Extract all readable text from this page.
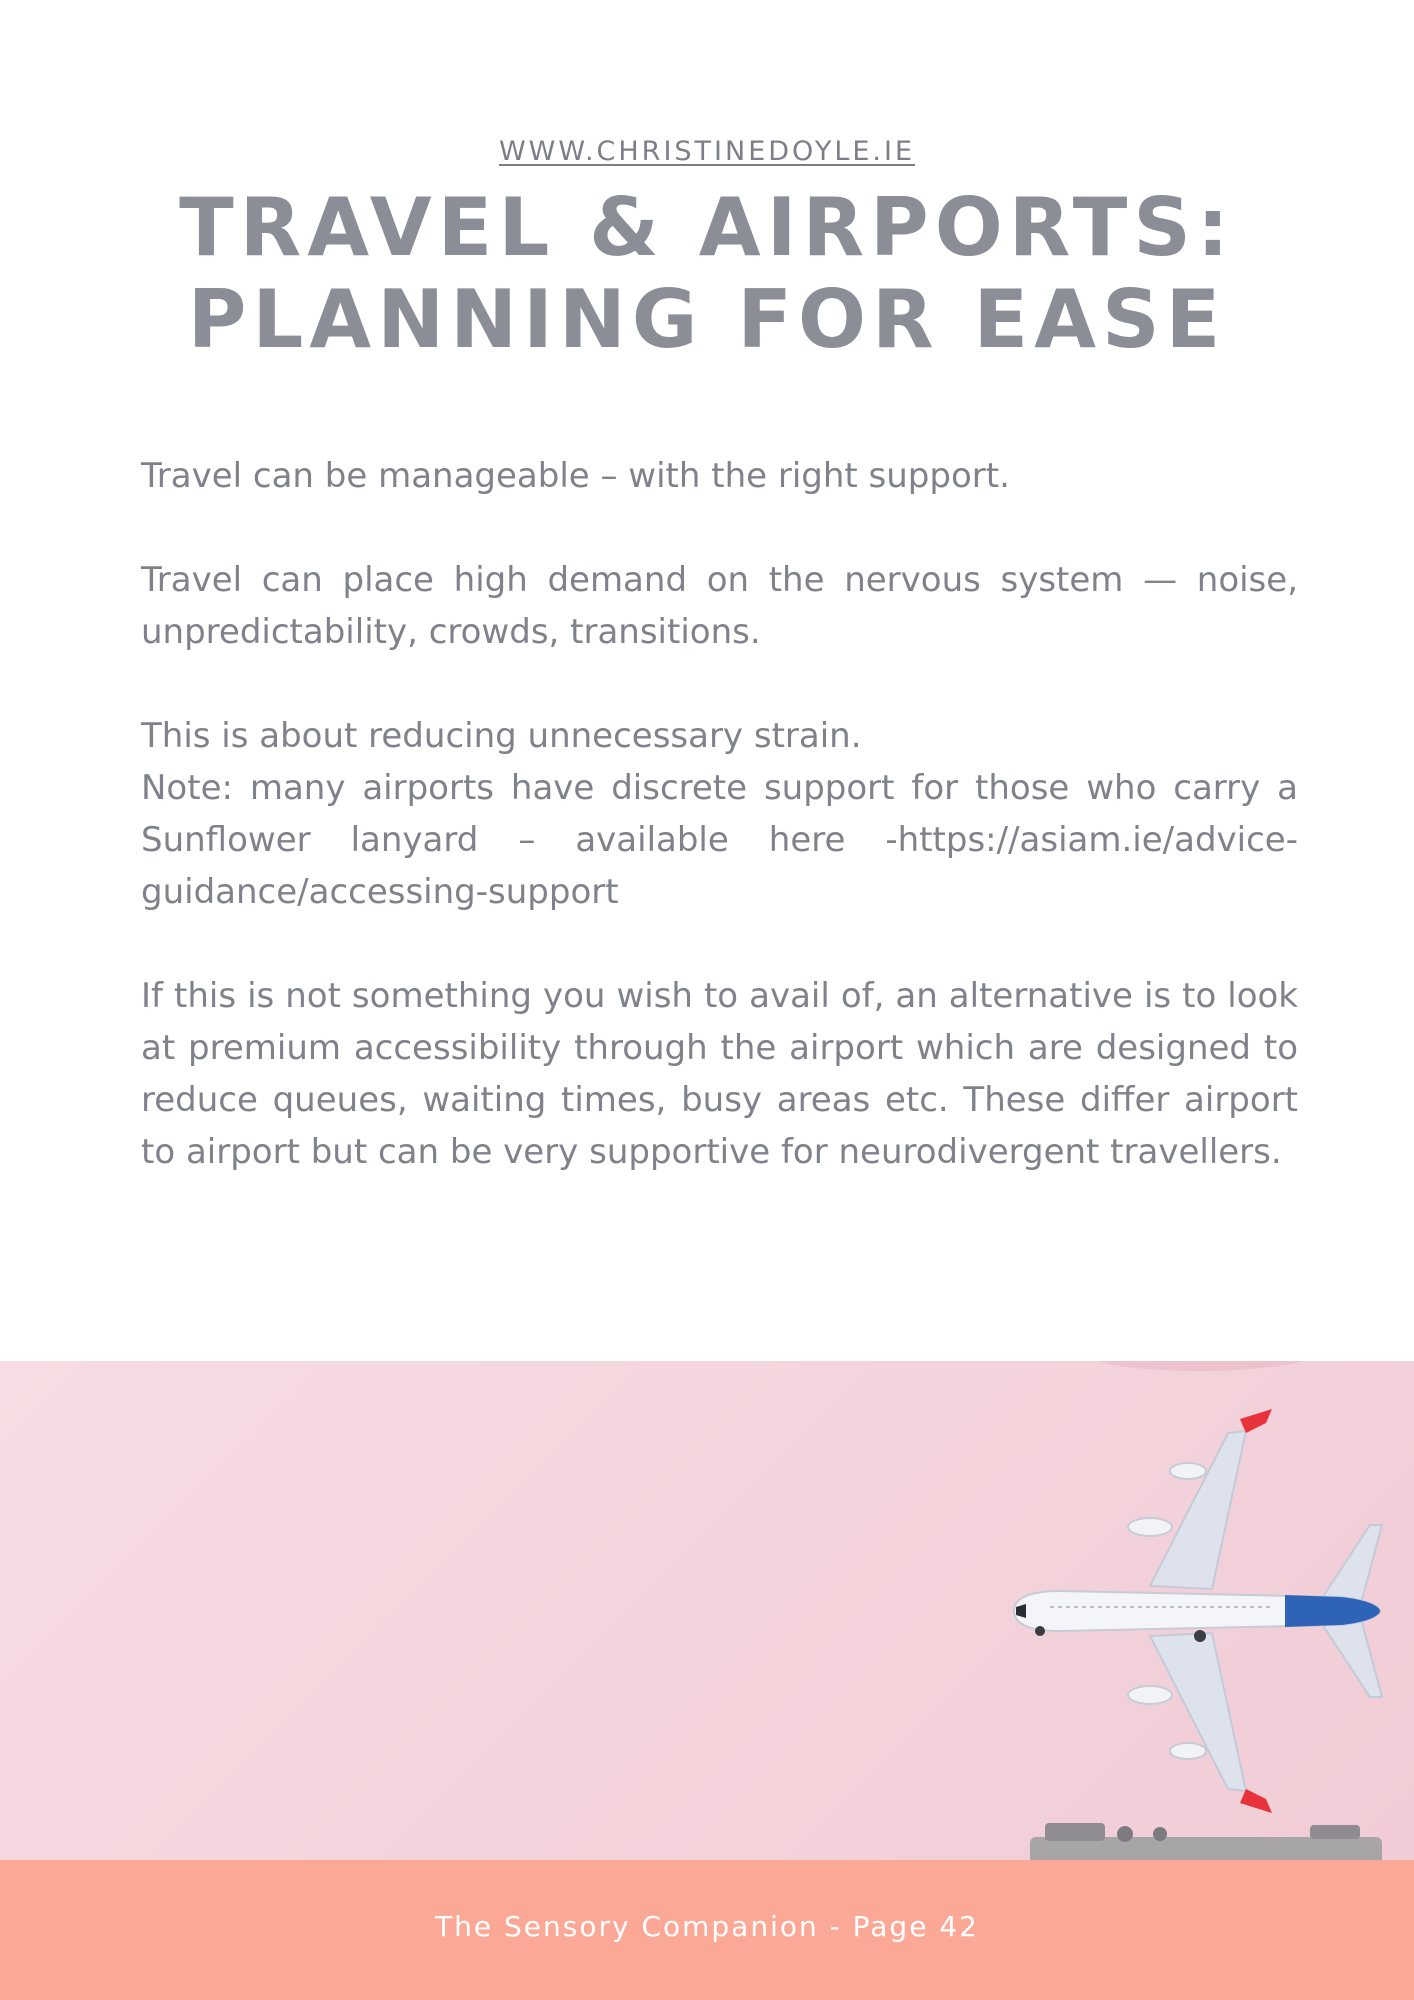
WWW.CHRISTINEDOYLE.IE
TRAVEL & AIRPORTS:
PLANNING FOR EASE

Travel can be manageable – with the right support.

Travel can place high demand on the nervous system — noise, unpredictability, crowds, transitions.

This is about reducing unnecessary strain.

Note: many airports have discrete support for those who carry a Sunflower lanyard – available here -https://asiam.ie/advice-guidance/accessing-support

If this is not something you wish to avail of, an alternative is to look at premium accessibility through the airport which are designed to reduce queues, waiting times, busy areas etc. These differ airport to airport but can be very supportive for neurodivergent travellers.

The Sensory Companion - Page 42
